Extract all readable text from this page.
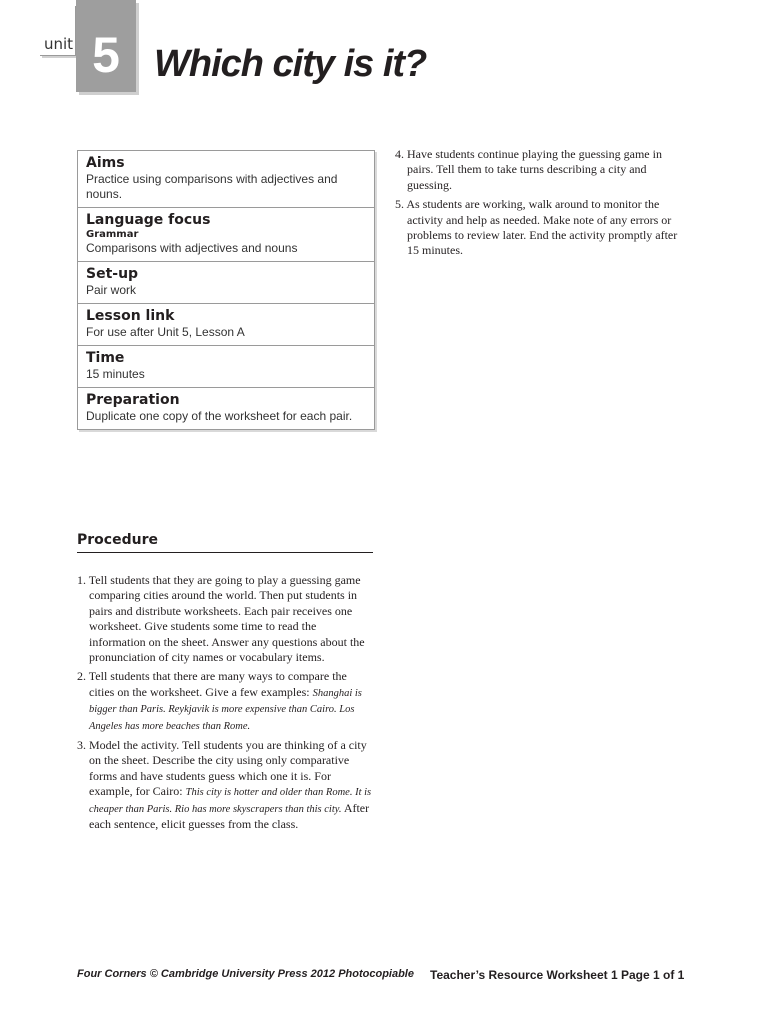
unit 5 Which city is it?
Aims
Practice using comparisons with adjectives and nouns.
Language focus
Grammar
Comparisons with adjectives and nouns
Set-up
Pair work
Lesson link
For use after Unit 5, Lesson A
Time
15 minutes
Preparation
Duplicate one copy of the worksheet for each pair.
Procedure
1. Tell students that they are going to play a guessing game comparing cities around the world. Then put students in pairs and distribute worksheets. Each pair receives one worksheet. Give students some time to read the information on the sheet. Answer any questions about the pronunciation of city names or vocabulary items.
2. Tell students that there are many ways to compare the cities on the worksheet. Give a few examples: Shanghai is bigger than Paris. Reykjavik is more expensive than Cairo. Los Angeles has more beaches than Rome.
3. Model the activity. Tell students you are thinking of a city on the sheet. Describe the city using only comparative forms and have students guess which one it is. For example, for Cairo: This city is hotter and older than Rome. It is cheaper than Paris. Rio has more skyscrapers than this city. After each sentence, elicit guesses from the class.
4. Have students continue playing the guessing game in pairs. Tell them to take turns describing a city and guessing.
5. As students are working, walk around to monitor the activity and help as needed. Make note of any errors or problems to review later. End the activity promptly after 15 minutes.
Four Corners © Cambridge University Press 2012 Photocopiable Teacher’s Resource Worksheet 1 Page 1 of 1
